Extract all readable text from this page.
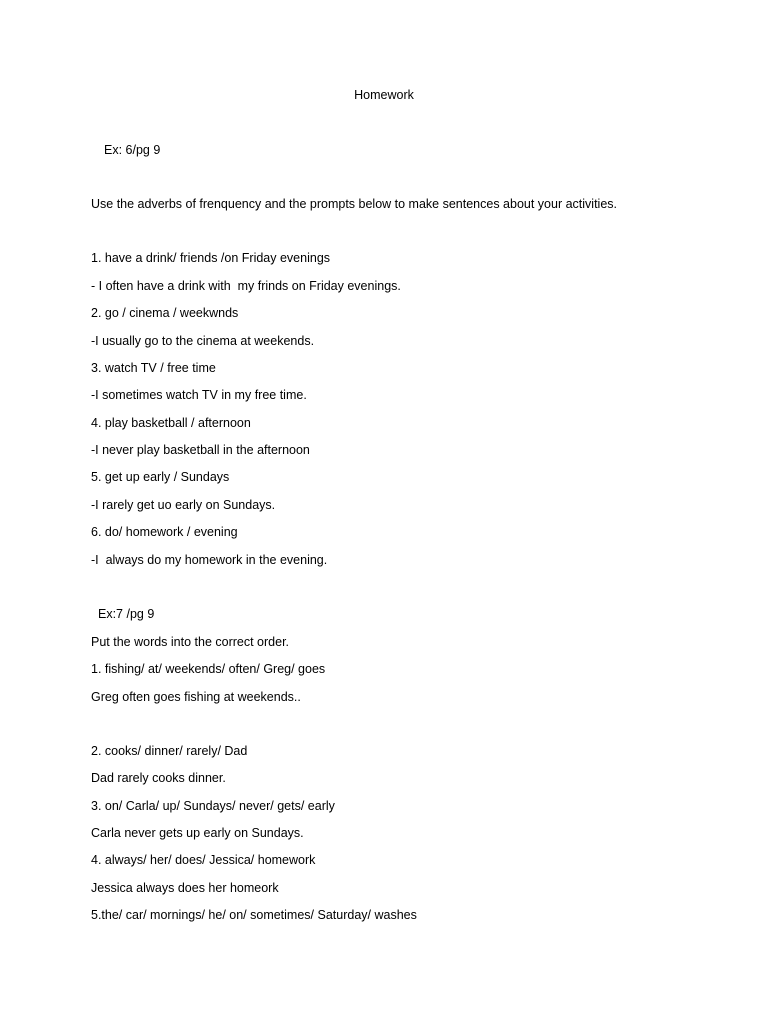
Homework
Ex: 6/pg 9
Use the adverbs of frenquency and the prompts below to make sentences about your activities.
1. have a drink/ friends /on Friday evenings
- I often have a drink with  my frinds on Friday evenings.
2. go / cinema / weekwnds
-I usually go to the cinema at weekends.
3. watch TV / free time
-I sometimes watch TV in my free time.
4. play basketball / afternoon
-I never play basketball in the afternoon
5. get up early / Sundays
-I rarely get uo early on Sundays.
6. do/ homework / evening
-I  always do my homework in the evening.
Ex:7 /pg 9
Put the words into the correct order.
1. fishing/ at/ weekends/ often/ Greg/ goes
Greg often goes fishing at weekends..
2. cooks/ dinner/ rarely/ Dad
Dad rarely cooks dinner.
3. on/ Carla/ up/ Sundays/ never/ gets/ early
Carla never gets up early on Sundays.
4. always/ her/ does/ Jessica/ homework
Jessica always does her homeork
5.the/ car/ mornings/ he/ on/ sometimes/ Saturday/ washes
